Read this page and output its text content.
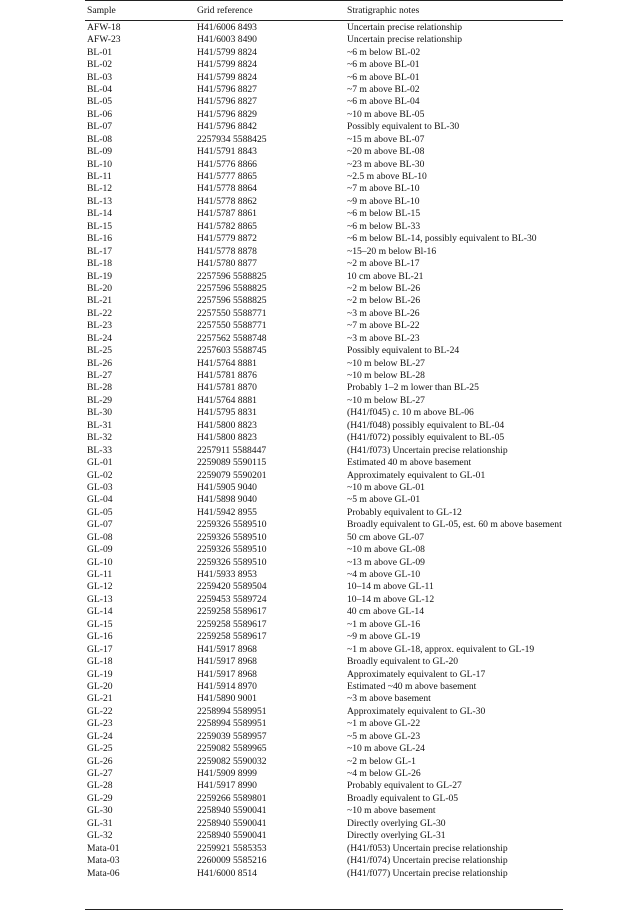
Sample	Grid reference	Stratigraphic notes
AFW-18	H41/6006 8493	Uncertain precise relationship
AFW-23	H41/6003 8490	Uncertain precise relationship
BL-01	H41/5799 8824	~6 m below BL-02
BL-02	H41/5799 8824	~6 m above BL-01
BL-03	H41/5799 8824	~6 m above BL-01
BL-04	H41/5796 8827	~7 m above BL-02
BL-05	H41/5796 8827	~6 m above BL-04
BL-06	H41/5796 8829	~10 m above BL-05
BL-07	H41/5796 8842	Possibly equivalent to BL-30
BL-08	2257934 5588425	~15 m above BL-07
BL-09	H41/5791 8843	~20 m above BL-08
BL-10	H41/5776 8866	~23 m above BL-30
BL-11	H41/5777 8865	~2.5 m above BL-10
BL-12	H41/5778 8864	~7 m above BL-10
BL-13	H41/5778 8862	~9 m above BL-10
BL-14	H41/5787 8861	~6 m below BL-15
BL-15	H41/5782 8865	~6 m below BL-33
BL-16	H41/5779 8872	~6 m below BL-14, possibly equivalent to BL-30
BL-17	H41/5778 8878	~15–20 m below Bl-16
BL-18	H41/5780 8877	~2 m above BL-17
BL-19	2257596 5588825	10 cm above BL-21
BL-20	2257596 5588825	~2 m below BL-26
BL-21	2257596 5588825	~2 m below BL-26
BL-22	2257550 5588771	~3 m above BL-26
BL-23	2257550 5588771	~7 m above BL-22
BL-24	2257562 5588748	~3 m above BL-23
BL-25	2257603 5588745	Possibly equivalent to BL-24
BL-26	H41/5764 8881	~10 m below BL-27
BL-27	H41/5781 8876	~10 m below BL-28
BL-28	H41/5781 8870	Probably 1–2 m lower than BL-25
BL-29	H41/5764 8881	~10 m below BL-27
BL-30	H41/5795 8831	(H41/f045) c. 10 m above BL-06
BL-31	H41/5800 8823	(H41/f048) possibly equivalent to BL-04
BL-32	H41/5800 8823	(H41/f072) possibly equivalent to BL-05
BL-33	2257911 5588447	(H41/f073) Uncertain precise relationship
GL-01	2259089 5590115	Estimated 40 m above basement
GL-02	2259079 5590201	Approximately equivalent to GL-01
GL-03	H41/5905 9040	~10 m above GL-01
GL-04	H41/5898 9040	~5 m above GL-01
GL-05	H41/5942 8955	Probably equivalent to GL-12
GL-07	2259326 5589510	Broadly equivalent to GL-05, est. 60 m above basement
GL-08	2259326 5589510	50 cm above GL-07
GL-09	2259326 5589510	~10 m above GL-08
GL-10	2259326 5589510	~13 m above GL-09
GL-11	H41/5933 8953	~4 m above GL-10
GL-12	2259420 5589504	10–14 m above GL-11
GL-13	2259453 5589724	10–14 m above GL-12
GL-14	2259258 5589617	40 cm above GL-14
GL-15	2259258 5589617	~1 m above GL-16
GL-16	2259258 5589617	~9 m above GL-19
GL-17	H41/5917 8968	~1 m above GL-18, approx. equivalent to GL-19
GL-18	H41/5917 8968	Broadly equivalent to GL-20
GL-19	H41/5917 8968	Approximately equivalent to GL-17
GL-20	H41/5914 8970	Estimated ~40 m above basement
GL-21	H41/5890 9001	~3 m above basement
GL-22	2258994 5589951	Approximately equivalent to GL-30
GL-23	2258994 5589951	~1 m above GL-22
GL-24	2259039 5589957	~5 m above GL-23
GL-25	2259082 5589965	~10 m above GL-24
GL-26	2259082 5590032	~2 m below GL-1
GL-27	H41/5909 8999	~4 m below GL-26
GL-28	H41/5917 8990	Probably equivalent to GL-27
GL-29	2259266 5589801	Broadly equivalent to GL-05
GL-30	2258940 5590041	~10 m above basement
GL-31	2258940 5590041	Directly overlying GL-30
GL-32	2258940 5590041	Directly overlying GL-31
Mata-01	2259921 5585353	(H41/f053) Uncertain precise relationship
Mata-03	2260009 5585216	(H41/f074) Uncertain precise relationship
Mata-06	H41/6000 8514	(H41/f077) Uncertain precise relationship
